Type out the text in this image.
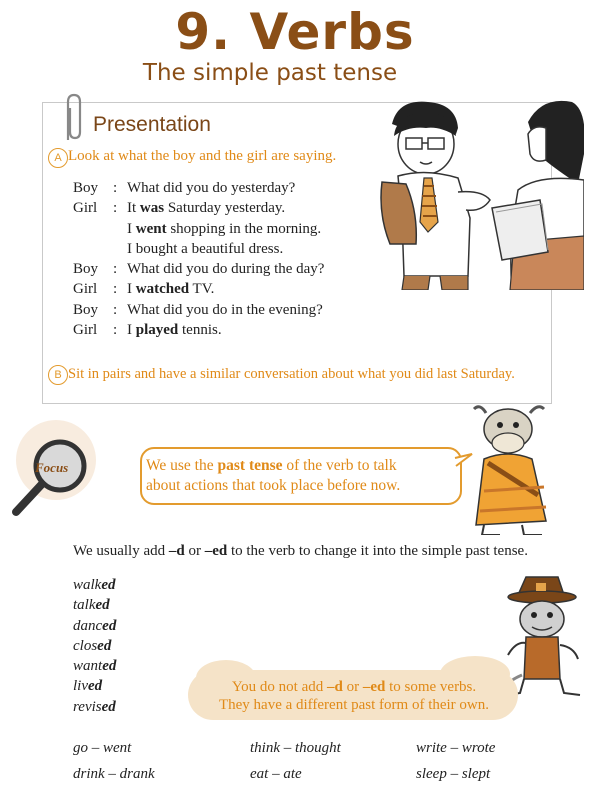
9. Verbs
The simple past tense
Presentation
A Look at what the boy and the girl are saying.
Boy : What did you do yesterday?
Girl : It was Saturday yesterday.
I went shopping in the morning.
I bought a beautiful dress.
Boy : What did you do during the day?
Girl : I watched TV.
Boy : What did you do in the evening?
Girl : I played tennis.
B Sit in pairs and have a similar conversation about what you did last Saturday.
Focus	We use the past tense of the verb to talk
about actions that took place before now.
We usually add –d or –ed to the verb to change it into the simple past tense.
walked
talked
danced
closed
wanted
lived
revised
You do not add –d or –ed to some verbs.
They have a different past form of their own.
go – went	think – thought	write – wrote
drink – drank	eat – ate	sleep – slept
